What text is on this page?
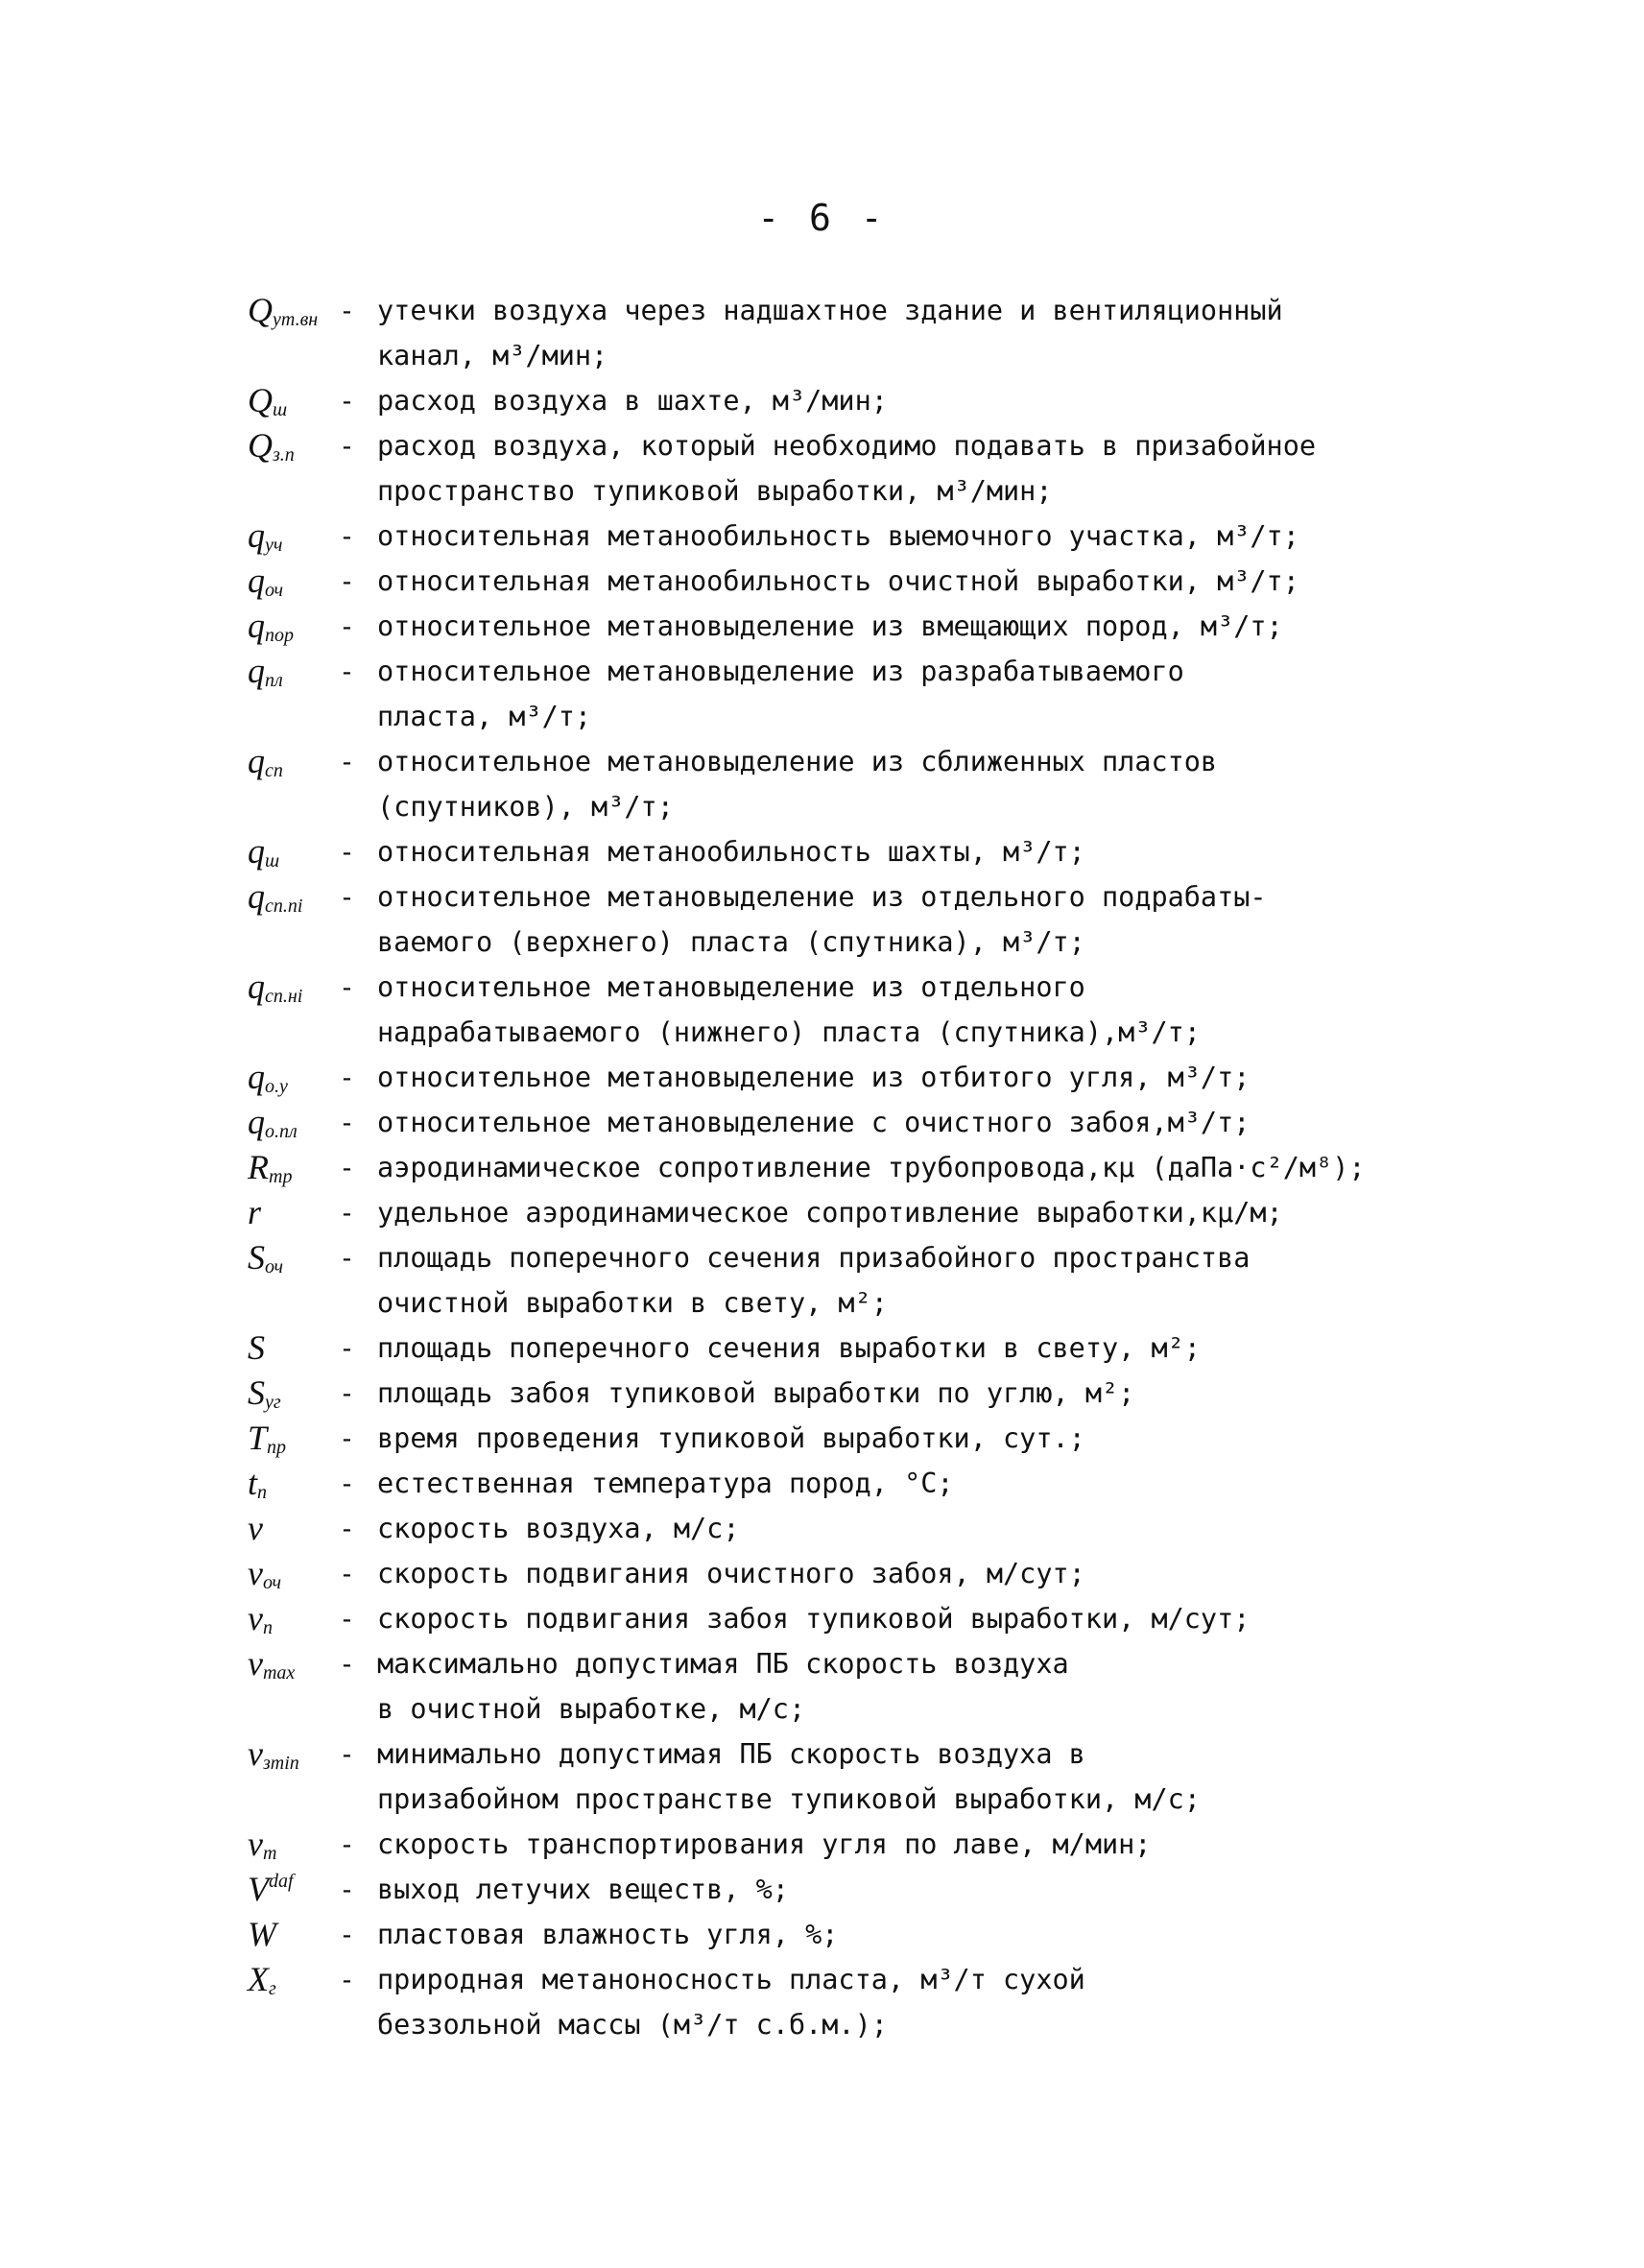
- 6 -
$Q_{ут.вн}$ - утечки воздуха через надшахтное здание и вентиляционный
канал, м³/мин;
$Q_ш$	- расход воздуха в шахте, м³/мин;
$Q_{з.п}$	- расход воздуха, который необходимо подавать в призабойное
пространство тупиковой выработки, м³/мин;
$q_{уч}$	- относительная метанообильность выемочного участка, м³/т;
$q_{оч}$	- относительная метанообильность очистной выработки, м³/т;
$q_{пор}$	- относительное метановыделение из вмещающих пород, м³/т;
$q_{пл}$	- относительное метановыделение из разрабатываемого
пласта, м³/т;
$q_{сп}$	- относительное метановыделение из сближенных пластов
(спутников), м³/т;
$q_ш$	- относительная метанообильность шахты, м³/т;
$q_{сп.пi}$	- относительное метановыделение из отдельного подрабаты-
ваемого (верхнего) пласта (спутника), м³/т;
$q_{сп.нi}$	- относительное метановыделение из отдельного
надрабатываемого (нижнего) пласта (спутника),м³/т;
$q_{о.у}$	- относительное метановыделение из отбитого угля, м³/т;
$q_{о.пл}$	- относительное метановыделение с очистного забоя,м³/т;
$R_{тр}$	- аэродинамическое сопротивление трубопровода,кμ (даПа·с²/м⁸);
r	- удельное аэродинамическое сопротивление выработки,кμ/м;
$S_{оч}$	- площадь поперечного сечения призабойного пространства
очистной выработки в свету, м²;
S	- площадь поперечного сечения выработки в свету, м²;
$S_{уг}$	- площадь забоя тупиковой выработки по углю, м²;
$T_{пр}$	- время проведения тупиковой выработки, сут.;
$t_п$	- естественная температура пород, °C;
v	- скорость воздуха, м/с;
$v_{оч}$	- скорость подвигания очистного забоя, м/сут;
$v_п$	- скорость подвигания забоя тупиковой выработки, м/сут;
$v_{max}$	- максимально допустимая ПБ скорость воздуха
в очистной выработке, м/с;
$v_{зmin}$	- минимально допустимая ПБ скорость воздуха в
призабойном пространстве тупиковой выработки, м/с;
$v_т$	- скорость транспортирования угля по лаве, м/мин;
$V^{daf}$	- выход летучих веществ, %;
W	- пластовая влажность угля, %;
$X_г$	- природная метаноносность пласта, м³/т сухой
беззольной массы (м³/т с.б.м.);
